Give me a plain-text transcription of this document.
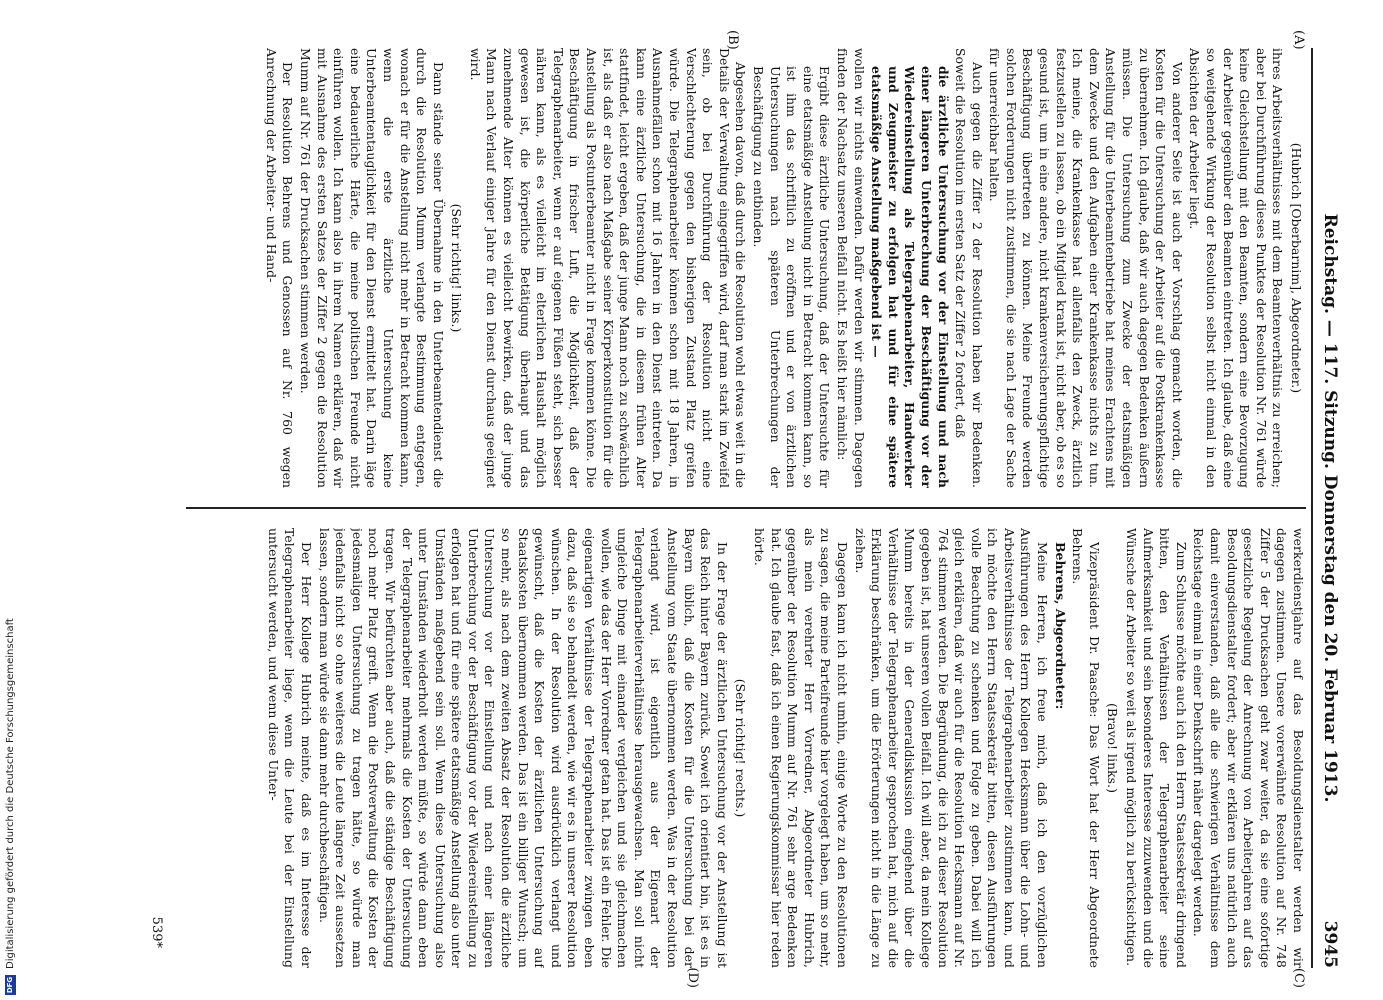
Reichstag. — 117. Sitzung. Donnerstag den 20. Februar 1913.
3945
(A)
(B)
(C)
(D)

(Hubrich [Oberbarnim], Abgeordneter.)

ihres Arbeitsverhältnisses mit dem Beamtenverhältnis zu erreichen; aber bei Durchführung dieses Punktes der Resolution Nr. 761 würde keine Gleichstellung mit den Beamten, sondern eine Bevorzugung der Arbeiter gegenüber den Beamten eintreten. Ich glaube, daß eine so weitgehende Wirkung der Resolution selbst nicht einmal in den Absichten der Arbeiter liegt.

Von anderer Seite ist auch der Vorschlag gemacht worden, die Kosten für die Untersuchung der Arbeiter auf die Postkrankenkasse zu übernehmen. Ich glaube, daß wir auch dagegen Bedenken äußern müssen. Die Untersuchung zum Zwecke der etatsmäßigen Anstellung für die Unterbeamtenbetriebe hat meines Erachtens mit dem Zwecke und den Aufgaben einer Krankenkasse nichts zu tun. Ich meine, die Krankenkasse hat allenfalls den Zweck, ärztlich festzustellen zu lassen, ob ein Mitglied krank ist, nicht aber, ob es so gesund ist, um in eine andere, nicht krankenversicherungspflichtige Beschäftigung übertreten zu können. Meine Freunde werden solchen Forderungen nicht zustimmen, die sie nach Lage der Sache für unerreichbar halten.

Auch gegen die Ziffer 2 der Resolution haben wir Bedenken. Soweit die Resolution im ersten Satz der Ziffer 2 fordert, daß

die ärztliche Untersuchung vor der Einstellung und nach einer längeren Unterbrechung der Beschäftigung vor der Wiedereinstellung als Telegraphenarbeiter, Handwerker und Zeugmeister zu erfolgen hat und für eine spätere etatsmäßige Anstellung maßgebend ist —

wollen wir nichts einwenden. Dafür werden wir stimmen. Dagegen finden der Nachsatz unseren Beifall nicht. Es heißt hier nämlich:

Ergibt diese ärztliche Untersuchung, daß der Untersuchte für eine etatsmäßige Anstellung nicht in Betracht kommen kann, so ist ihm das schriftlich zu eröffnen und er von ärztlichen Untersuchungen nach späteren Unterbrechungen der Beschäftigung zu entbinden.

Abgesehen davon, daß durch die Resolution wohl etwas weit in die Details der Verwaltung eingegriffen wird, darf man stark im Zweifel sein, ob bei Durchführung der Resolution nicht eine Verschlechterung gegen den bisherigen Zustand Platz greifen würde. Die Telegraphenarbeiter können schon mit 18 Jahren, in Ausnahmefällen schon mit 16 Jahren in den Dienst eintreten. Da kann eine ärztliche Untersuchung, die in diesem frühen Alter stattfindet, leicht ergeben, daß der junge Mann noch zu schwächlich ist, als daß er also nach Maßgabe seiner Körperkonstitution für die Anstellung als Postunterbeamter nicht in Frage kommen könne. Die Beschäftigung in frischer Luft, die Möglichkeit, daß der Telegraphenarbeiter, wenn er auf eigenen Füßen steht, sich besser nähren kann, als es vielleicht im elterlichen Haushalt möglich gewesen ist, die körperliche Betätigung überhaupt und das zunehmende Alter können es vielleicht bewirken, daß der junge Mann nach Verlauf einiger Jahre für den Dienst durchaus geeignet wird.

(Sehr richtig! links.)

Dann stände seiner Übernahme in den Unterbeamtendienst die durch die Resolution Mumm verlangte Bestimmung entgegen, wonach er für die Anstellung nicht mehr in Betracht kommen kann, wenn die erste ärztliche Untersuchung keine Unterbeamtentauglichkeit für den Dienst ermittelt hat. Darin läge eine bedauerliche Härte, die meine politischen Freunde nicht einführen wollen. Ich kann also in ihrem Namen erklären, daß wir mit Ausnahme des ersten Satzes der Ziffer 2 gegen die Resolution Mumm auf Nr. 761 der Drucksachen stimmen werden.

Der Resolution Behrens und Genossen auf Nr. 760 wegen Anrechnung der Arbeiter- und Hand-

werkerdienstjahre auf das Besoldungsdienstalter werden wir dagegen zustimmen. Unsere vorerwähnte Resolution auf Nr. 748 Ziffer 5 der Drucksachen geht zwar weiter, da sie eine sofortige gesetzliche Regelung der Anrechnung von Arbeiterjahren auf das Besoldungsdienstalter fordert; aber wir erklären uns natürlich auch damit einverstanden, daß alle die schwierigen Verhältnisse dem Reichstage einmal in einer Denkschrift näher dargelegt werden.

Zum Schlusse möchte auch ich den Herrn Staatssekretär dringend bitten, den Verhältnissen der Telegraphenarbeiter seine Aufmerksamkeit und sein besonderes Interesse zuzuwenden und die Wünsche der Arbeiter so weit als irgend möglich zu berücksichtigen.

(Bravo! links.)

Vizepräsident Dr. Paasche: Das Wort hat der Herr Abgeordnete Behrens.

Behrens, Abgeordneter:

Meine Herren, ich freue mich, daß ich den vorzüglichen Ausführungen des Herrn Kollegen Hecksmann über die Lohn- und Arbeitsverhältnisse der Telegraphenarbeiter zustimmen kann, und ich möchte den Herrn Staatssekretär bitten, diesen Ausführungen volle Beachtung zu schenken und Folge zu geben. Dabei will ich gleich erklären, daß wir auch für die Resolution Hecksmann auf Nr. 764 stimmen werden. Die Begründung, die ich zu dieser Resolution gegeben ist, hat unseren vollen Beifall. Ich will aber, da mein Kollege Mumm bereits in der Generaldiskussion eingehend über die Verhältnisse der Telegraphenarbeiter gesprochen hat, mich auf die Erklärung beschränken, um die Erörterungen nicht in die Länge zu ziehen.

Dagegen kann ich nicht umhin, einige Worte zu den Resolutionen zu sagen, die meine Parteifreunde hier vorgelegt haben, um so mehr, als mein verehrter Herr Vorredner, Abgeordneter Hubrich, gegenüber der Resolution Mumm auf Nr. 761 sehr arge Bedenken hat. Ich glaube fast, daß ich einen Regierungskommissar hier reden hörte.

(Sehr richtig! rechts.)

In der Frage der ärztlichen Untersuchung vor der Anstellung ist das Reich hinter Bayern zurück. Soweit ich orientiert bin, ist es in Bayern üblich, daß die Kosten für die Untersuchung bei der Anstellung vom Staate übernommen werden. Was in der Resolution verlangt wird, ist eigentlich aus der Eigenart der Telegraphenarbeiterverhältnisse herausgewachsen. Man soll nicht ungleiche Dinge mit einander vergleichen und sie gleichmachen wollen, wie das der Herr Vorredner getan hat. Das ist ein Fehler. Die eigenartigen Verhältnisse der Telegraphenarbeiter zwingen eben dazu, daß sie so behandelt werden, wie wir es in unserer Resolution wünschen. In der Resolution wird ausdrücklich verlangt und gewünscht, daß die Kosten der ärztlichen Untersuchung auf Staatskosten übernommen werden. Das ist ein billiger Wunsch; um so mehr, als nach dem zweiten Absatz der Resolution die ärztliche Untersuchung vor der Einstellung und nach einer längeren Unterbrechung vor der Beschäftigung vor der Wiedereinstellung zu erfolgen hat und für eine spätere etatsmäßige Anstellung also unter Umständen maßgebend sein soll. Wenn diese Untersuchung also unter Umständen wiederholt werden müßte, so würde dann eben der Telegraphenarbeiter mehrmals die Kosten der Untersuchung tragen. Wir befürchten aber auch, daß die ständige Beschäftigung noch mehr Platz greift. Wenn die Postverwaltung die Kosten der jedesmaligen Untersuchung zu tragen hätte, so würde man jedenfalls nicht so ohne weiteres die Leute längere Zeit aussetzen lassen, sondern man würde sie dann mehr durchbeschäftigen.

Der Herr Kollege Hubrich meinte, daß es im Interesse der Telegraphenarbeiter liege, wenn die Leute bei der Einstellung untersucht werden, und wenn diese Unter-

539*
DFG
Digitalisierung gefördert durch die Deutsche Forschungsgemeinschaft
